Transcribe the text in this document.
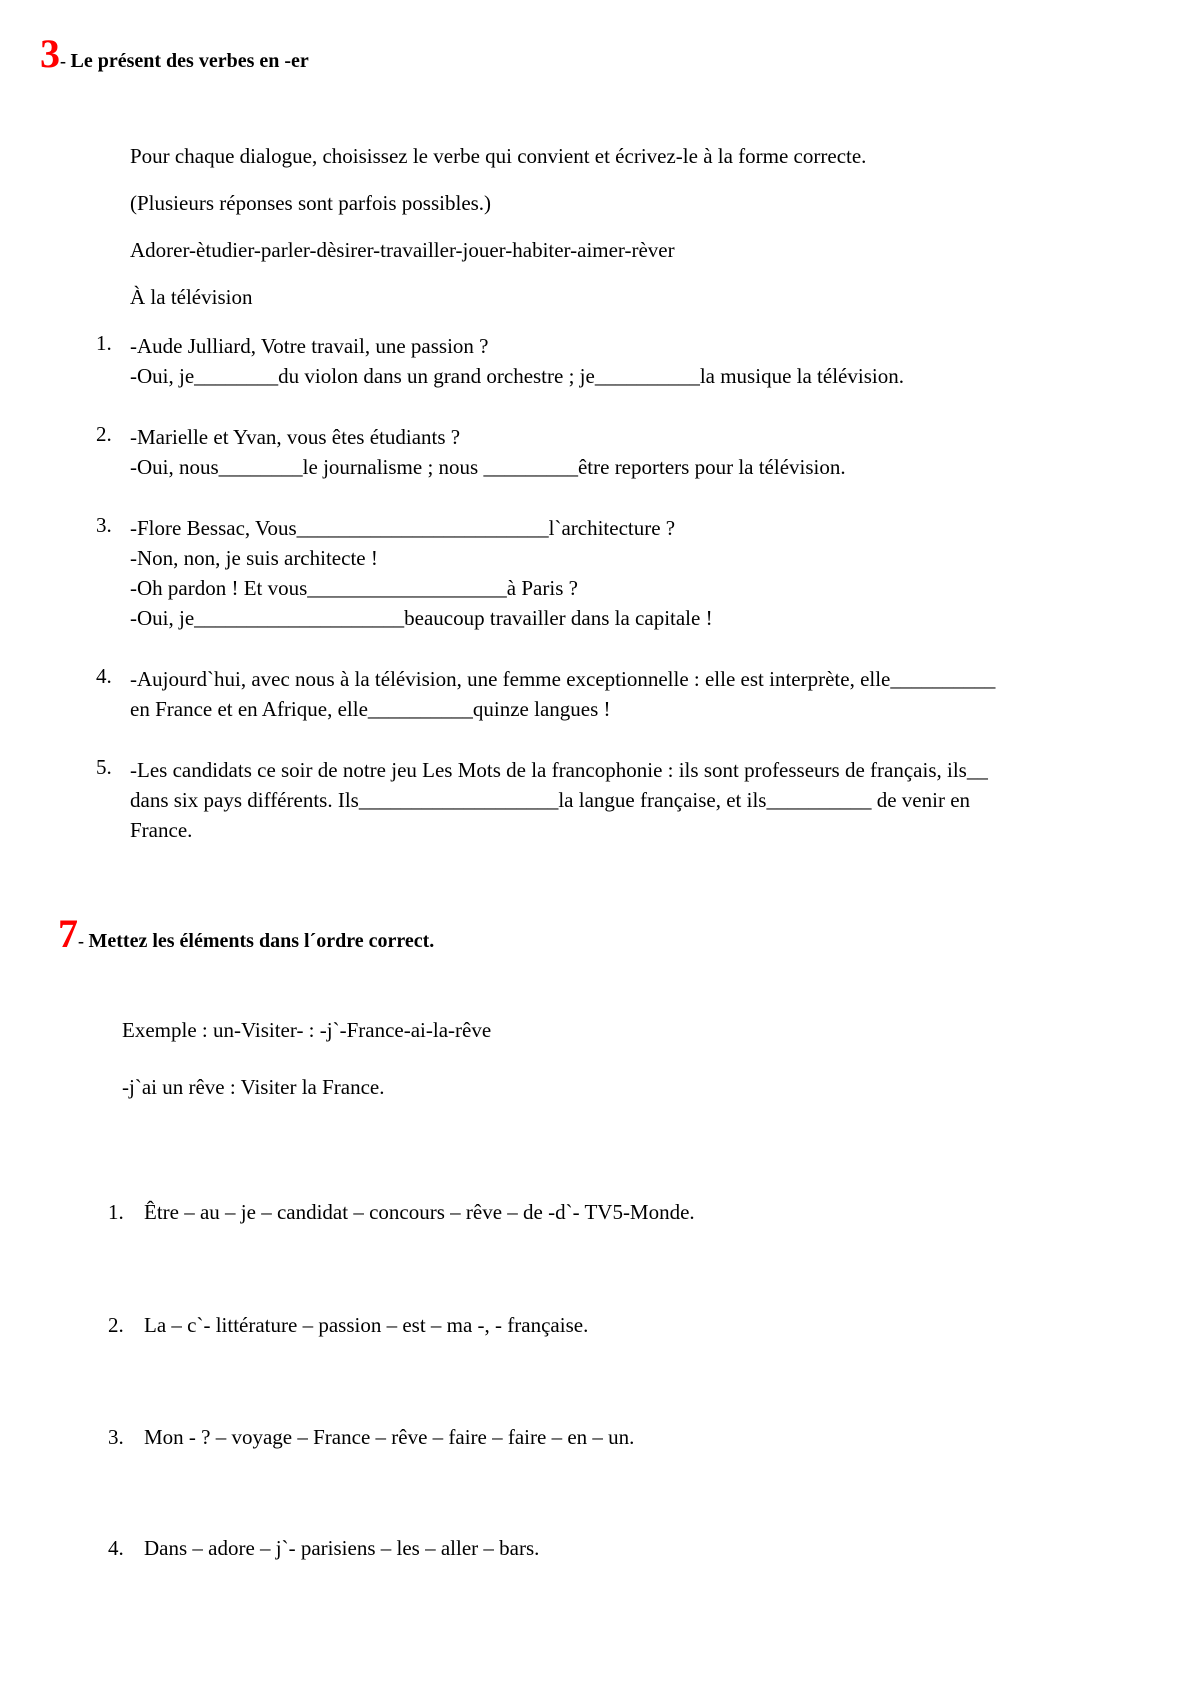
3- Le présent des verbes en -er
Pour chaque dialogue, choisissez le verbe qui convient et écrivez-le à la forme correcte.
(Plusieurs réponses sont parfois possibles.)
Adorer-ètudier-parler-dèsirer-travailler-jouer-habiter-aimer-rèver
À la télévision
1. -Aude Julliard, Votre travail, une passion ?
-Oui, je________du violon dans un grand orchestre ; je__________la musique la télévision.
2. -Marielle et Yvan, vous êtes étudiants ?
-Oui, nous________le journalisme ; nous _________être reporters pour la télévision.
3. -Flore Bessac, Vous________________________l`architecture ?
-Non, non, je suis architecte !
-Oh pardon ! Et vous___________________à Paris ?
-Oui, je____________________beaucoup travailler dans la capitale !
4. -Aujourd`hui, avec nous à la télévision, une femme exceptionnelle : elle est interprète, elle__________
en France et en Afrique, elle__________quinze langues !
5. -Les candidats ce soir de notre jeu Les Mots de la francophonie : ils sont professeurs de français, ils__
dans six pays différents. Ils___________________la langue française, et ils__________ de venir en
France.
7- Mettez les éléments dans l´ordre correct.
Exemple : un-Visiter- : -j`-France-ai-la-rêve
-j`ai un rêve : Visiter la France.
1. Être – au – je – candidat – concours – rêve – de -d`- TV5-Monde.
2. La – c`- littérature – passion – est – ma -, - française.
3. Mon - ? – voyage – France – rêve – faire – faire – en – un.
4. Dans – adore – j`- parisiens – les – aller – bars.
